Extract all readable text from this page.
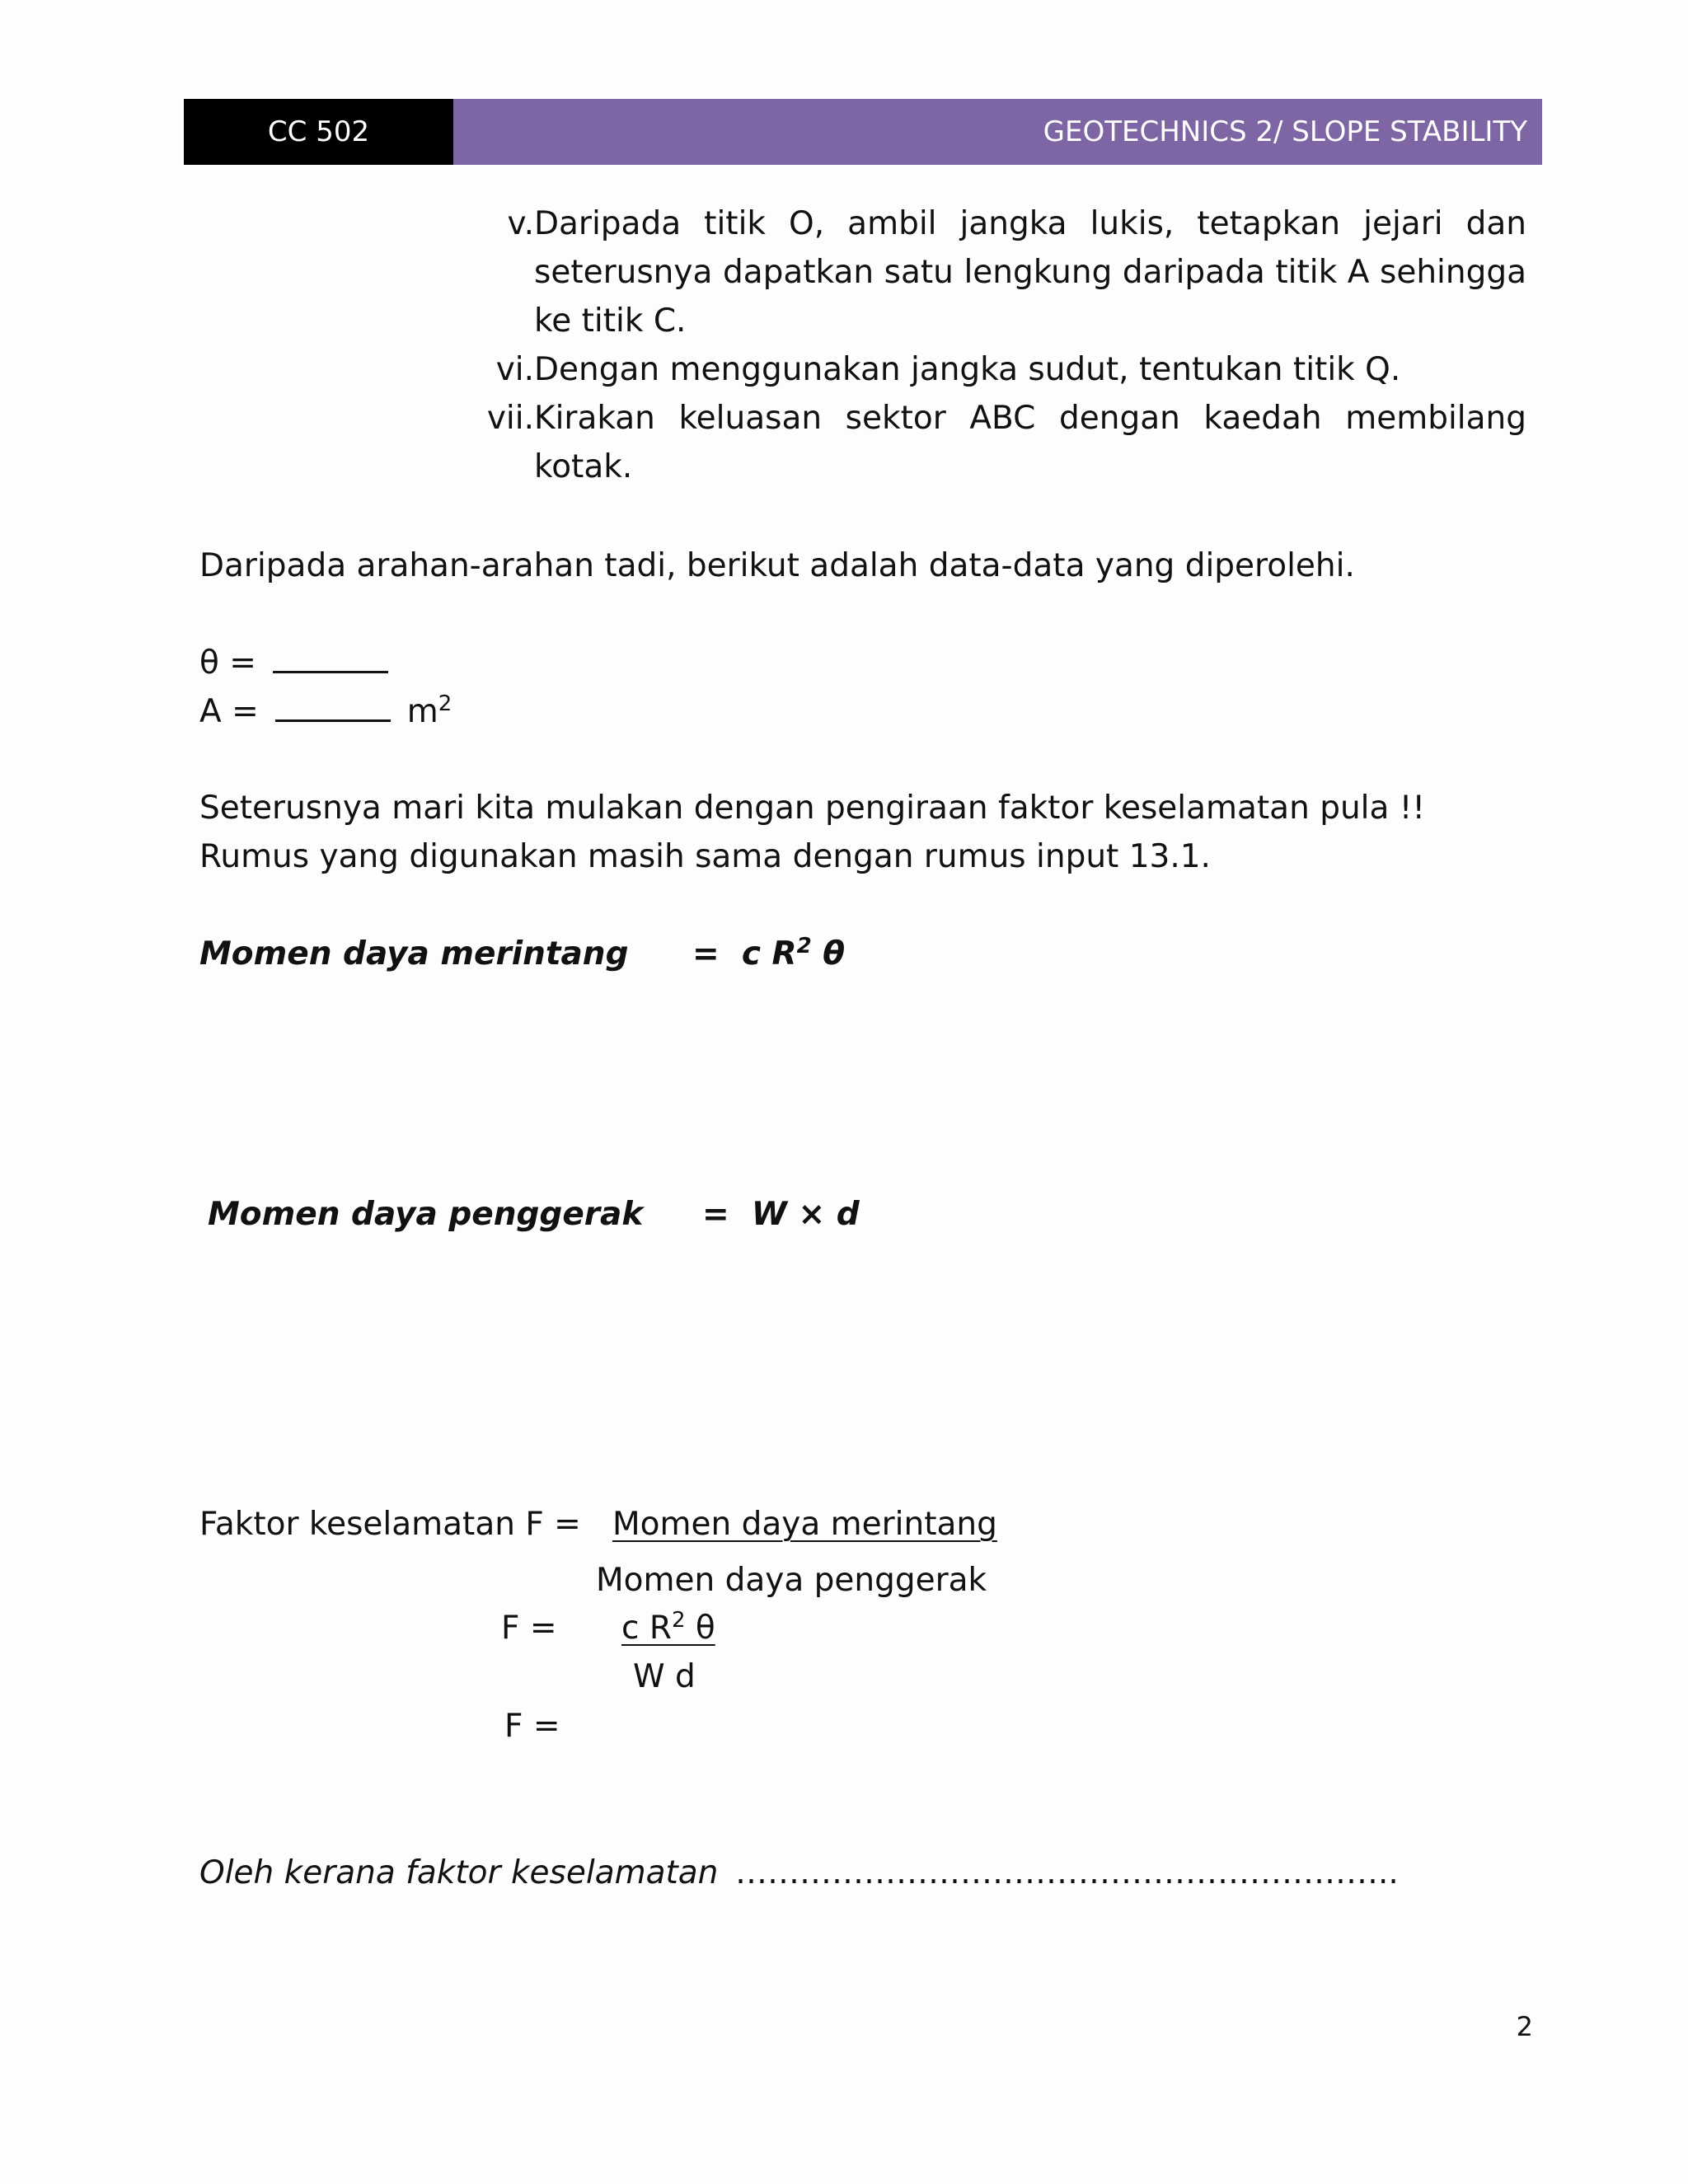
CC 502	GEOTECHNICS 2/ SLOPE STABILITY
v. Daripada titik O, ambil jangka lukis, tetapkan jejari dan seterusnya dapatkan satu lengkung daripada titik A sehingga ke titik C.
vi. Dengan menggunakan jangka sudut, tentukan titik Q.
vii. Kirakan keluasan sektor ABC dengan kaedah membilang kotak.
Daripada arahan-arahan tadi, berikut adalah data-data yang diperolehi.
θ =
A =	$m^2$
Seterusnya mari kita mulakan dengan pengiraan faktor keselamatan pula !!
Rumus yang digunakan masih sama dengan rumus input 13.1.
Momen daya merintang = c $R^2$ θ
Momen daya penggerak = W × d
Faktor keselamatan F = Momen daya merintang
Momen daya penggerak
F = c $R^2$ θ
W d
F =
Oleh kerana faktor keselamatan ……………………………………………………..
2
